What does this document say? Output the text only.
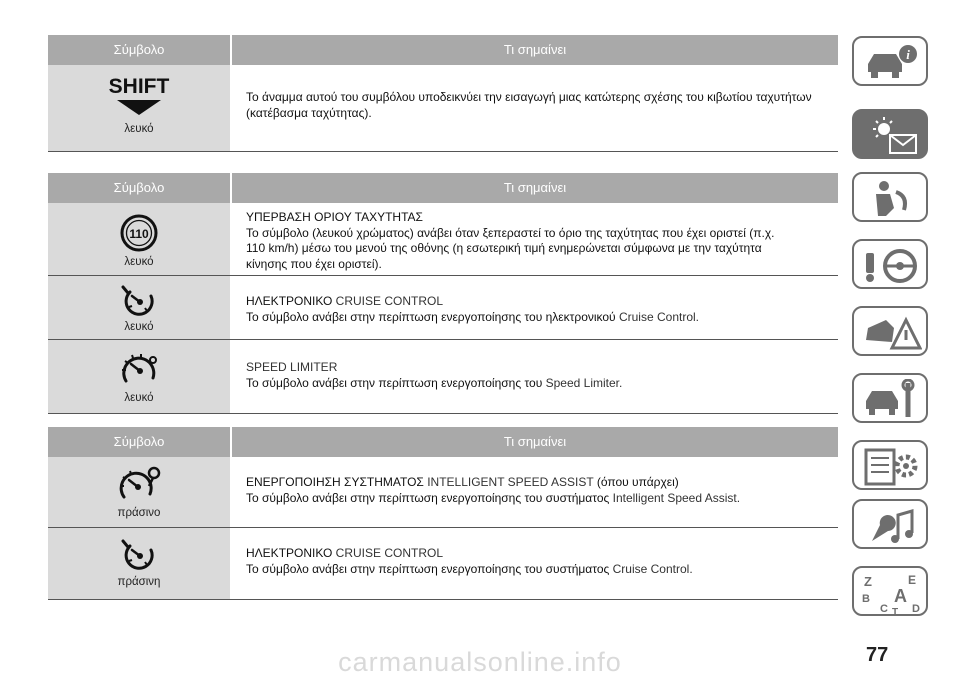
Σύμβολο	Τι σημαίνει
SHIFT
λευκό
Το άναμμα αυτού του συμβόλου υποδεικνύει την εισαγωγή μιας κατώτερης σχέσης του κιβωτίου ταχυτήτων (κατέβασμα ταχύτητας).
Σύμβολο	Τι σημαίνει
110
λευκό
ΥΠΕΡΒΑΣΗ ΟΡΙΟΥ ΤΑΧΥΤΗΤΑΣ
Το σύμβολο (λευκού χρώματος) ανάβει όταν ξεπεραστεί το όριο της ταχύτητας που έχει οριστεί (π.χ.
110 km/h) μέσω του μενού της οθόνης (η εσωτερική τιμή ενημερώνεται σύμφωνα με την ταχύτητα
κίνησης που έχει οριστεί).
λευκό
ΗΛΕΚΤΡΟΝΙΚΟ CRUISE CONTROL
Το σύμβολο ανάβει στην περίπτωση ενεργοποίησης του ηλεκτρονικού Cruise Control.
λευκό
SPEED LIMITER
Το σύμβολο ανάβει στην περίπτωση ενεργοποίησης του Speed Limiter.
Σύμβολο	Τι σημαίνει
πράσινο
ΕΝΕΡΓΟΠΟΙΗΣΗ ΣΥΣΤΗΜΑΤΟΣ INTELLIGENT SPEED ASSIST (όπου υπάρχει)
Το σύμβολο ανάβει στην περίπτωση ενεργοποίησης του συστήματος Intelligent Speed Assist.
πράσινη
ΗΛΕΚΤΡΟΝΙΚΟ CRUISE CONTROL
Το σύμβολο ανάβει στην περίπτωση ενεργοποίησης του συστήματος Cruise Control.
i
Z	E
B A
C D
T
carmanualsonline.info	77
